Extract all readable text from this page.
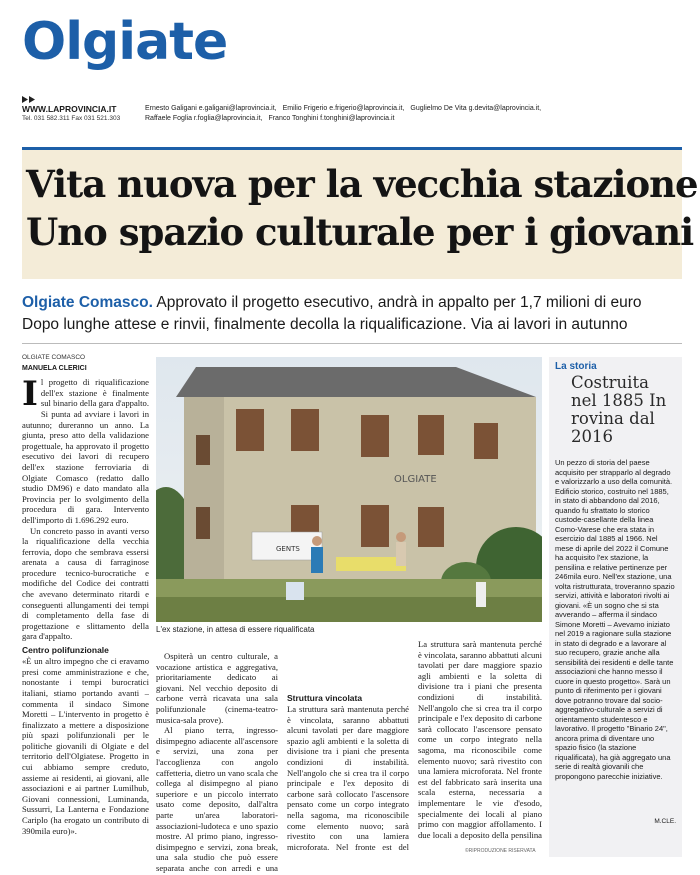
Olgiate
WWW.LAPROVINCIA.IT
Tel. 031 582.311 Fax 031 521.303
Ernesto Galigani e.galigani@laprovincia.it, Emilio Frigerio e.frigerio@laprovincia.it, Guglielmo De Vita g.devita@laprovincia.it,
Raffaele Foglia r.foglia@laprovincia.it, Franco Tonghini f.tonghini@laprovincia.it
Vita nuova per la vecchia stazione
Uno spazio culturale per i giovani
Olgiate Comasco. Approvato il progetto esecutivo, andrà in appalto per 1,7 milioni di euro
Dopo lunghe attese e rinvii, finalmente decolla la riqualificazione. Via ai lavori in autunno
OLGIATE COMASCO
MANUELA CLERICI

Il progetto di riqualificazione dell'ex stazione è finalmente sul binario della gara d'appalto. Si punta ad avviare i lavori in autunno; dureranno un anno. La giunta, preso atto della validazione progettuale, ha approvato il progetto esecutivo dei lavori di recupero dell'ex stazione ferroviaria di Olgiate Comasco (redatto dallo studio DM96) e dato mandato alla Provincia per lo svolgimento della procedura di gara. Intervento dell'importo di 1.696.292 euro.

Un concreto passo in avanti verso la riqualificazione della vecchia ferrovia, dopo che sembrava essersi arenata a causa di farraginose procedure tecnico-burocratiche e modifiche del Codice dei contratti che avevano determinato ritardi e conseguenti allungamenti dei tempi di completamento della fase di progettazione e slittamento della gara d'appalto.

Centro polifunzionale

«È un altro impegno che ci eravamo presi come amministrazione e che, nonostante i tempi burocratici italiani, stiamo portando avanti – commenta il sindaco Simone Moretti – L'intervento in progetto è finalizzato a mettere a disposizione più spazi polifunzionali per le politiche giovanili di Olgiate e del territorio dell'Olgiatese. Progetto in cui abbiamo sempre creduto, assieme ai residenti, ai giovani, alle associazioni e ai partner Lumilhub, Giovani connessioni, Luminanda, Sussurri, La Lanterna e Fondazione Cariplo (ha erogato un contributo di 390mila euro)».

OLGIATE
GENTS
L'ex stazione, in attesa di essere riqualificata

Ospiterà un centro culturale, a vocazione artistica e aggregativa, prioritariamente dedicato ai giovani. Nel vecchio deposito di carbone verrà ricavata una sala polifunzionale (cinema-teatro-musica-sala prove).

Al piano terra, ingresso-disimpegno adiacente all'ascensore e servizi, una zona per l'accoglienza con angolo caffetteria, dietro un vano scala che collega al disimpegno al piano superiore e un piccolo interrato usato come deposito, dall'altra parte un'area laboratori-associazioni-ludoteca e uno spazio mostre. Al primo piano, ingresso-disimpegno e servizi, zona break, una sala studio che può essere separata anche con arredi e una

Struttura vincolata

La struttura sarà mantenuta perché è vincolata, saranno abbattuti alcuni tavolati per dare maggiore spazio agli ambienti e la soletta di divisione tra i piani che presenta condizioni di instabilità. Nell'angolo che si crea tra il corpo principale e l'ex deposito di carbone sarà collocato l'ascensore pensato come un corpo integrato nella sagoma, ma riconoscibile come elemento nuovo; sarà rivestito con una lamiera microforata. Nel fronte est del

La struttura sarà mantenuta perché è vincolata, saranno abbattuti alcuni tavolati per dare maggiore spazio agli ambienti e la soletta di divisione tra i piani che presenta condizioni di instabilità. Nell'angolo che si crea tra il corpo principale e l'ex deposito di carbone sarà collocato l'ascensore pensato come un corpo integrato nella sagoma, ma riconoscibile come elemento nuovo; sarà rivestito con una lamiera microforata. Nel fronte est del fabbricato sarà inserita una scala esterna, necessaria a implementare le vie d'esodo, specialmente dei locali al piano primo con maggior affollamento. I due locali a deposito della pensilina

La storia
Costruita nel 1885 In rovina dal 2016
Un pezzo di storia del paese acquisito per strapparlo al degrado e valorizzarlo a uso della comunità. Edificio storico, costruito nel 1885, in stato di abbandono dal 2016, quando fu sfrattato lo storico custode-casellante della linea Como-Varese che era stata in esercizio dal 1885 al 1966. Nel mese di aprile del 2022 il Comune ha acquisito l'ex stazione, la pensilina e relative pertinenze per 246mila euro. Nell'ex stazione, una volta ristrutturata, troveranno spazio servizi, attività e laboratori rivolti ai giovani. «È un sogno che si sta avverando – afferma il sindaco Simone Moretti – Avevamo iniziato nel 2019 a ragionare sulla stazione in stato di degrado e a lavorare al suo recupero, grazie anche alla sensibilità dei residenti e delle tante associazioni che hanno messo il cuore in questo progetto». Sarà un punto di riferimento per i giovani dove potranno trovare dal socio-aggregativo-culturale a servizi di orientamento studentesco e lavorativo. Il progetto "Binario 24", ancora prima di diventare uno spazio fisico (la stazione riqualificata), ha già aggregato una serie di realtà giovanili che propongono parecchie iniziative.
M.CLE.
©RIPRODUZIONE RISERVATA
